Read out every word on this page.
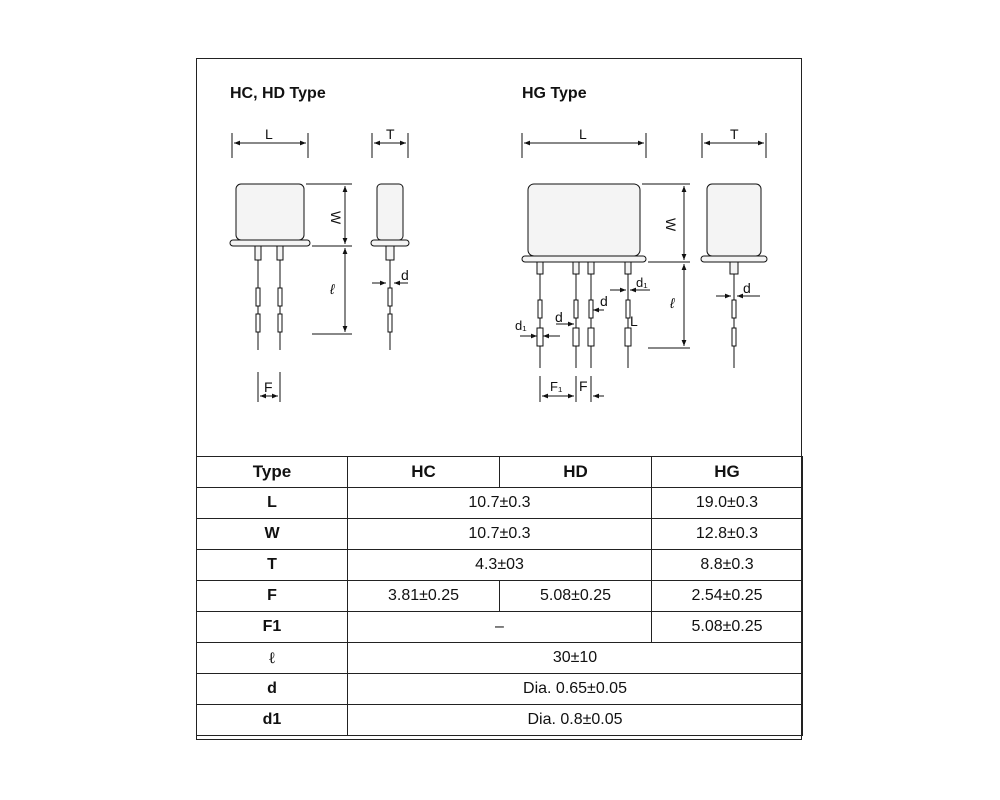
HC, HD Type	HG Type
L	T
W
ℓ
d
F
L	T
W
ℓ
d₁
d
L
d
d₁
d
F₁ F
Type	HC	HD	HG
L	10.7±0.3		19.0±0.3
W	10.7±0.3		12.8±0.3
T	4.3±03		8.8±0.3
F	3.81±0.25	5.08±0.25	2.54±0.25
F1	–		5.08±0.25
ℓ	30±10		
d	Dia. 0.65±0.05		
d1	Dia. 0.8±0.05		
